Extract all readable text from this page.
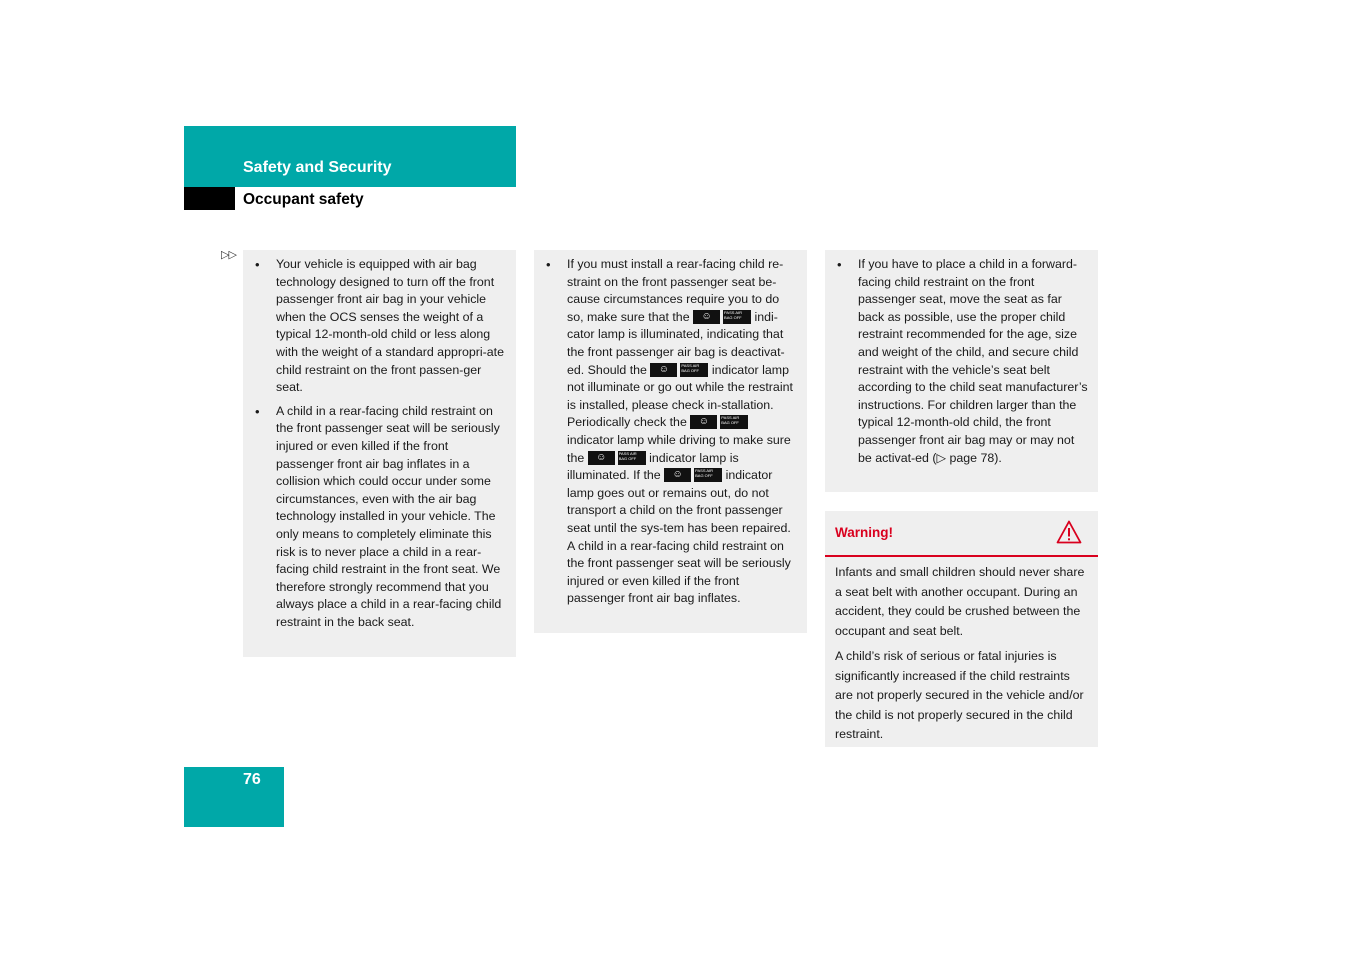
Safety and Security
Occupant safety
▷▷
• Your vehicle is equipped with air bag technology designed to turn off the front passenger front air bag in your vehicle when the OCS senses the weight of a typical 12-month-old child or less along with the weight of a standard appropri-ate child restraint on the front passen-ger seat.
• A child in a rear-facing child restraint on the front passenger seat will be seriously injured or even killed if the front passenger front air bag inflates in a collision which could occur under some circumstances, even with the air bag technology installed in your vehicle. The only means to completely eliminate this risk is to never place a child in a rear-facing child restraint in the front seat. We therefore strongly recommend that you always place a child in a rear-facing child restraint in the back seat.
• If you must install a rear-facing child re-straint on the front passenger seat be-cause circumstances require you to do so, make sure that the	☺	PASS AIR BAG OFF	indi-cator lamp is illuminated, indicating that the front passenger air bag is deactivat-ed. Should the	☺	PASS AIR BAG OFF	indicator lamp not illuminate or go out while the restraint is installed, please check in-stallation. Periodically check the	☺	PASS AIR BAG OFF
indicator lamp while driving to make sure the	☺	PASS AIR BAG OFF	indicator lamp is illuminated. If the	☺	PASS AIR BAG OFF	indicator lamp goes out or remains out, do not transport a child on the front passenger seat until the sys-tem has been repaired. A child in a rear-facing child restraint on the front passenger seat will be seriously injured or even killed if the front passenger front air bag inflates.
• If you have to place a child in a forward-facing child restraint on the front passenger seat, move the seat as far back as possible, use the proper child restraint recommended for the age, size and weight of the child, and secure child restraint with the vehicle’s seat belt according to the child seat manufacturer’s instructions. For children larger than the typical 12-month-old child, the front passenger front air bag may or may not be activat-ed (▷ page 78).
Warning!

Infants and small children should never share a seat belt with another occupant. During an accident, they could be crushed between the occupant and seat belt.

A child’s risk of serious or fatal injuries is significantly increased if the child restraints are not properly secured in the vehicle and/or the child is not properly secured in the child restraint.

76
